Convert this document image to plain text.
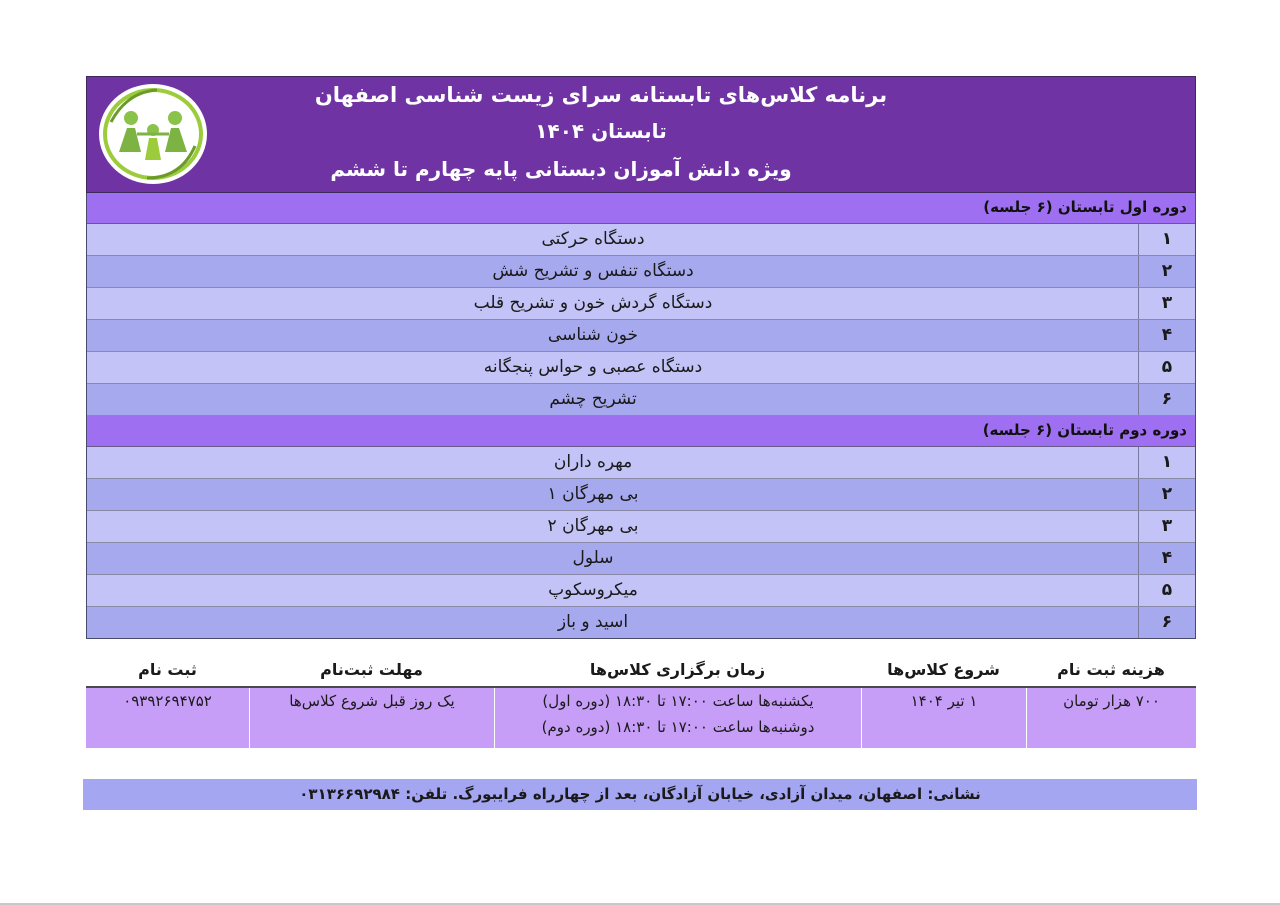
برنامه کلاس‌های تابستانه سرای زیست شناسی اصفهان
تابستان ۱۴۰۴
ویژه دانش آموزان دبستانی پایه چهارم تا ششم
دوره اول تابستان (۶ جلسه)
۱
دستگاه حرکتی
۲
دستگاه تنفس و تشریح شش
۳
دستگاه گردش خون و تشریح قلب
۴
خون شناسی
۵
دستگاه عصبی و حواس پنجگانه
۶
تشریح چشم
دوره دوم تابستان (۶ جلسه)
۱
مهره داران
۲
بی مهرگان ۱
۳
بی مهرگان ۲
۴
سلول
۵
میکروسکوپ
۶
اسید و باز
هزینه ثبت نام
شروع کلاس‌ها
زمان برگزاری کلاس‌ها
مهلت ثبت‌نام
ثبت نام
۷۰۰ هزار تومان
۱ تیر ۱۴۰۴
یکشنبه‌ها ساعت ۱۷:۰۰ تا ۱۸:۳۰ (دوره اول)
دوشنبه‌ها ساعت ۱۷:۰۰ تا ۱۸:۳۰ (دوره دوم)
یک روز قبل شروع کلاس‌ها
۰۹۳۹۲۶۹۴۷۵۲
نشانی: اصفهان، میدان آزادی، خیابان آزادگان، بعد از چهارراه فرایبورگ. تلفن: ۰۳۱۳۶۶۹۲۹۸۴
